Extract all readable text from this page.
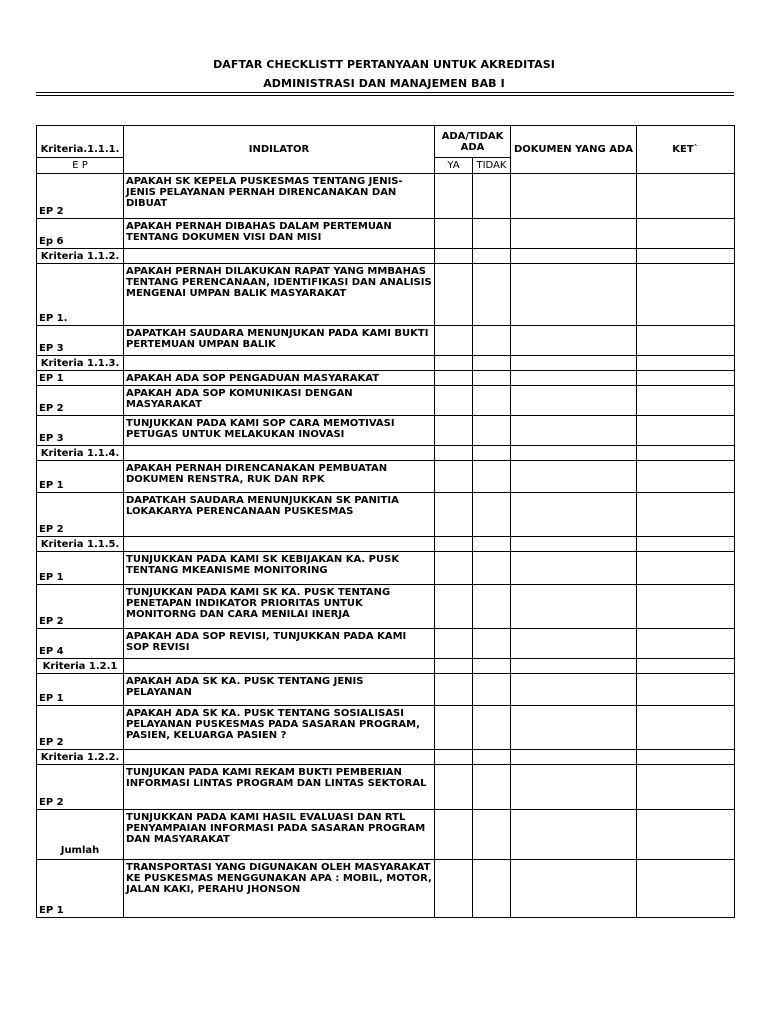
DAFTAR CHECKLISTT PERTANYAAN UNTUK AKREDITASI
ADMINISTRASI DAN MANAJEMEN BAB I
Kriteria.1.1.1.	INDILATOR	ADA/TIDAK ADA		DOKUMEN YANG ADA	KET`
E P		YA	TIDAK		
EP 2	APAKAH SK KEPELA PUSKESMAS TENTANG JENIS-JENIS PELAYANAN PERNAH DIRENCANAKAN DAN DIBUAT				
Ep 6	APAKAH PERNAH DIBAHAS DALAM PERTEMUAN TENTANG DOKUMEN VISI DAN MISI				
Kriteria 1.1.2.					
EP 1.	APAKAH PERNAH DILAKUKAN RAPAT YANG MMBAHAS TENTANG PERENCANAAN, IDENTIFIKASI DAN ANALISIS MENGENAI UMPAN BALIK MASYARAKAT				
EP 3	DAPATKAH SAUDARA MENUNJUKAN PADA KAMI BUKTI PERTEMUAN UMPAN BALIK				
Kriteria 1.1.3.					
EP 1	APAKAH ADA SOP PENGADUAN MASYARAKAT				
EP 2	APAKAH ADA SOP KOMUNIKASI DENGAN MASYARAKAT				
EP 3	TUNJUKKAN PADA KAMI SOP CARA MEMOTIVASI PETUGAS UNTUK MELAKUKAN INOVASI				
Kriteria 1.1.4.					
EP 1	APAKAH PERNAH DIRENCANAKAN PEMBUATAN DOKUMEN RENSTRA, RUK DAN RPK				
EP 2	DAPATKAH SAUDARA MENUNJUKKAN SK PANITIA LOKAKARYA PERENCANAAN PUSKESMAS				
Kriteria 1.1.5.					
EP 1	TUNJUKKAN PADA KAMI SK KEBIJAKAN KA. PUSK TENTANG MKEANISME MONITORING				
EP 2	TUNJUKKAN PADA KAMI SK KA. PUSK TENTANG PENETAPAN INDIKATOR PRIORITAS UNTUK MONITORNG DAN CARA MENILAI INERJA				
EP 4	APAKAH ADA SOP REVISI, TUNJUKKAN PADA KAMI SOP REVISI				
Kriteria 1.2.1					
EP 1	APAKAH ADA SK KA. PUSK TENTANG JENIS PELAYANAN				
EP 2	APAKAH ADA SK KA. PUSK TENTANG SOSIALISASI PELAYANAN PUSKESMAS PADA SASARAN PROGRAM, PASIEN, KELUARGA PASIEN ?				
Kriteria 1.2.2.					
EP 2	TUNJUKAN PADA KAMI REKAM BUKTI PEMBERIAN INFORMASI LINTAS PROGRAM DAN LINTAS SEKTORAL				
Jumlah	TUNJUKKAN PADA KAMI HASIL EVALUASI DAN RTL PENYAMPAIAN INFORMASI PADA SASARAN PROGRAM DAN MASYARAKAT				
EP 1	TRANSPORTASI YANG DIGUNAKAN OLEH MASYARAKAT KE PUSKESMAS MENGGUNAKAN APA : MOBIL, MOTOR, JALAN KAKI, PERAHU JHONSON				
